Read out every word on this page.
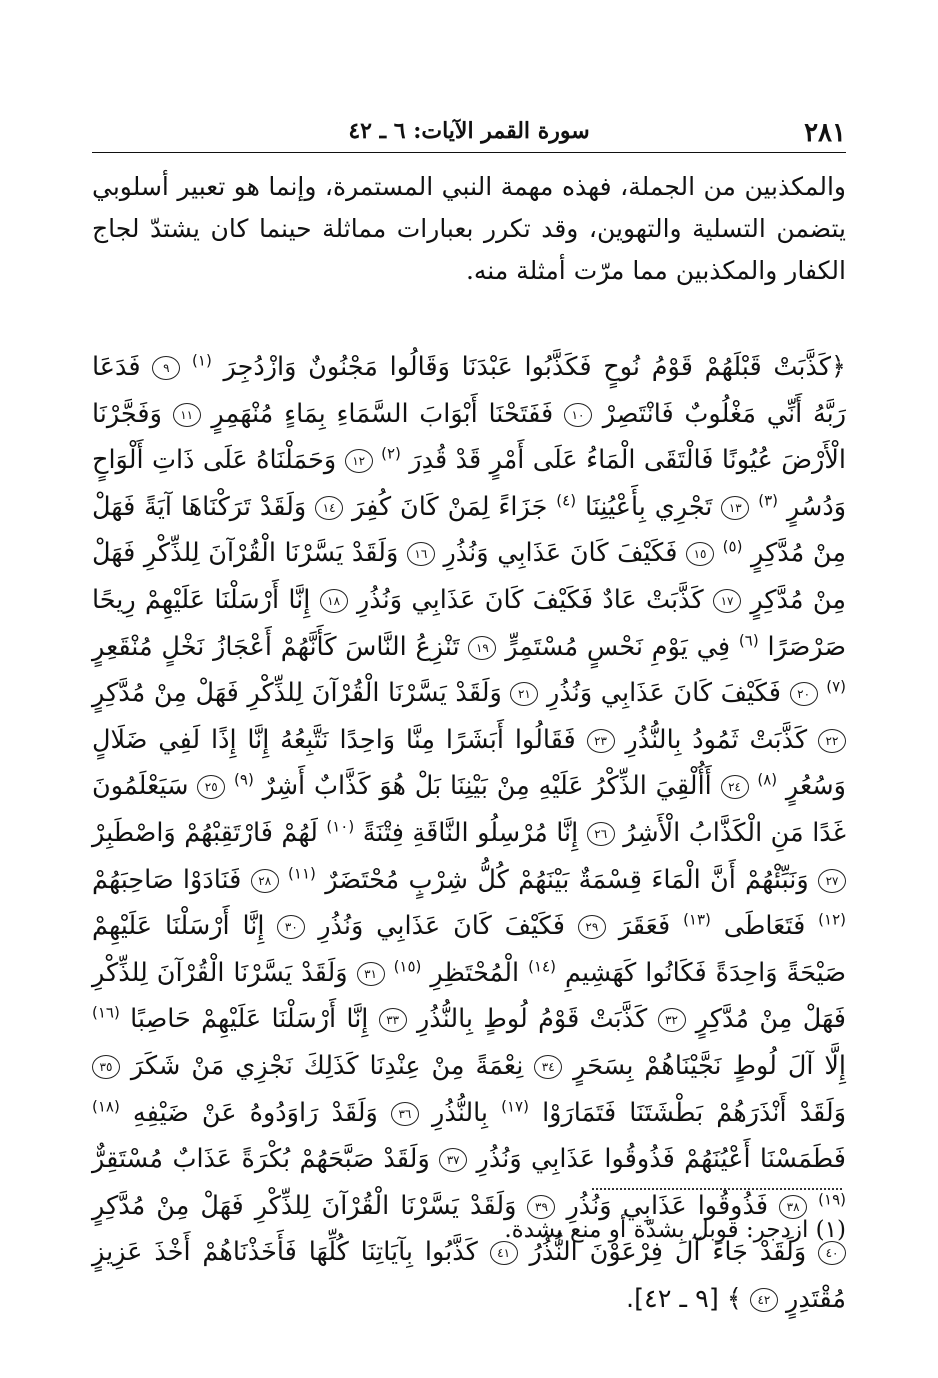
٢٨١
سورة القمر الآيات: ٦ ـ ٤٢
والمكذبين من الجملة، فهذه مهمة النبي المستمرة، وإنما هو تعبير أسلوبي يتضمن التسلية والتهوين، وقد تكرر بعبارات مماثلة حينما كان يشتدّ لجاج الكفار والمكذبين مما مرّت أمثلة منه.
﴿كَذَّبَتْ قَبْلَهُمْ قَوْمُ نُوحٍ فَكَذَّبُوا عَبْدَنَا وَقَالُوا مَجْنُونٌ وَازْدُجِرَ $^{(١)}$ ٩ فَدَعَا رَبَّهُ أَنِّي مَغْلُوبٌ فَانْتَصِرْ ١٠ فَفَتَحْنَا أَبْوَابَ السَّمَاءِ بِمَاءٍ مُنْهَمِرٍ ١١ وَفَجَّرْنَا الْأَرْضَ عُيُونًا فَالْتَقَى الْمَاءُ عَلَى أَمْرٍ قَدْ قُدِرَ $^{(٢)}$ ١٢ وَحَمَلْنَاهُ عَلَى ذَاتِ أَلْوَاحٍ وَدُسُرٍ $^{(٣)}$ ١٣ تَجْرِي بِأَعْيُنِنَا $^{(٤)}$ جَزَاءً لِمَنْ كَانَ كُفِرَ ١٤ وَلَقَدْ تَرَكْنَاهَا آيَةً فَهَلْ مِنْ مُدَّكِرٍ $^{(٥)}$ ١٥ فَكَيْفَ كَانَ عَذَابِي وَنُذُرِ ١٦ وَلَقَدْ يَسَّرْنَا الْقُرْآنَ لِلذِّكْرِ فَهَلْ مِنْ مُدَّكِرٍ ١٧ كَذَّبَتْ عَادٌ فَكَيْفَ كَانَ عَذَابِي وَنُذُرِ ١٨ إِنَّا أَرْسَلْنَا عَلَيْهِمْ رِيحًا صَرْصَرًا $^{(٦)}$ فِي يَوْمِ نَحْسٍ مُسْتَمِرٍّ ١٩ تَنْزِعُ النَّاسَ كَأَنَّهُمْ أَعْجَازُ نَخْلٍ مُنْقَعِرٍ $^{(٧)}$ ٢٠ فَكَيْفَ كَانَ عَذَابِي وَنُذُرِ ٢١ وَلَقَدْ يَسَّرْنَا الْقُرْآنَ لِلذِّكْرِ فَهَلْ مِنْ مُدَّكِرٍ ٢٢ كَذَّبَتْ ثَمُودُ بِالنُّذُرِ ٢٣ فَقَالُوا أَبَشَرًا مِنَّا وَاحِدًا نَتَّبِعُهُ إِنَّا إِذًا لَفِي ضَلَالٍ وَسُعُرٍ $^{(٨)}$ ٢٤ أَأُلْقِيَ الذِّكْرُ عَلَيْهِ مِنْ بَيْنِنَا بَلْ هُوَ كَذَّابٌ أَشِرٌ $^{(٩)}$ ٢٥ سَيَعْلَمُونَ غَدًا مَنِ الْكَذَّابُ الْأَشِرُ ٢٦ إِنَّا مُرْسِلُو النَّاقَةِ فِتْنَةً $^{(١٠)}$ لَهُمْ فَارْتَقِبْهُمْ وَاصْطَبِرْ ٢٧ وَنَبِّئْهُمْ أَنَّ الْمَاءَ قِسْمَةٌ بَيْنَهُمْ كُلُّ شِرْبٍ مُحْتَضَرٌ $^{(١١)}$ ٢٨ فَنَادَوْا صَاحِبَهُمْ $^{(١٢)}$ فَتَعَاطَى $^{(١٣)}$ فَعَقَرَ ٢٩ فَكَيْفَ كَانَ عَذَابِي وَنُذُرِ ٣٠ إِنَّا أَرْسَلْنَا عَلَيْهِمْ صَيْحَةً وَاحِدَةً فَكَانُوا كَهَشِيمِ $^{(١٤)}$ الْمُحْتَظِرِ $^{(١٥)}$ ٣١ وَلَقَدْ يَسَّرْنَا الْقُرْآنَ لِلذِّكْرِ فَهَلْ مِنْ مُدَّكِرٍ ٣٢ كَذَّبَتْ قَوْمُ لُوطٍ بِالنُّذُرِ ٣٣ إِنَّا أَرْسَلْنَا عَلَيْهِمْ حَاصِبًا $^{(١٦)}$ إِلَّا آلَ لُوطٍ نَجَّيْنَاهُمْ بِسَحَرٍ ٣٤ نِعْمَةً مِنْ عِنْدِنَا كَذَلِكَ نَجْزِي مَنْ شَكَرَ ٣٥ وَلَقَدْ أَنْذَرَهُمْ بَطْشَتَنَا فَتَمَارَوْا $^{(١٧)}$ بِالنُّذُرِ ٣٦ وَلَقَدْ رَاوَدُوهُ عَنْ ضَيْفِهِ $^{(١٨)}$ فَطَمَسْنَا أَعْيُنَهُمْ فَذُوقُوا عَذَابِي وَنُذُرِ ٣٧ وَلَقَدْ صَبَّحَهُمْ بُكْرَةً عَذَابٌ مُسْتَقِرٌّ $^{(١٩)}$ ٣٨ فَذُوقُوا عَذَابِي وَنُذُرِ ٣٩ وَلَقَدْ يَسَّرْنَا الْقُرْآنَ لِلذِّكْرِ فَهَلْ مِنْ مُدَّكِرٍ ٤٠ وَلَقَدْ جَاءَ آلَ فِرْعَوْنَ النُّذُرُ ٤١ كَذَّبُوا بِآيَاتِنَا كُلِّهَا فَأَخَذْنَاهُمْ أَخْذَ عَزِيزٍ مُقْتَدِرٍ ٤٢ ﴾ [٩ ـ ٤٢].
(١) ازدجر: قوبل بشدّة أو منع بشدة.
